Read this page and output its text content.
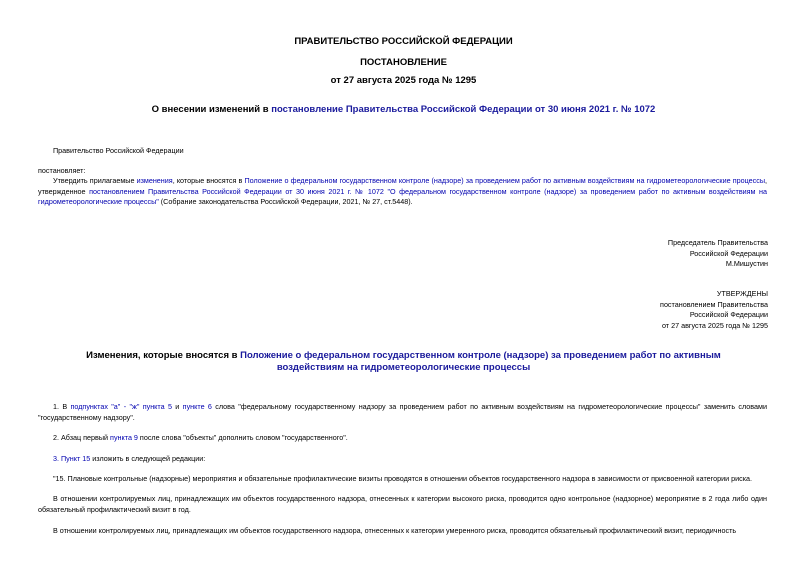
ПРАВИТЕЛЬСТВО РОССИЙСКОЙ ФЕДЕРАЦИИ
ПОСТАНОВЛЕНИЕ
от 27 августа 2025 года № 1295
О внесении изменений в постановление Правительства Российской Федерации от 30 июня 2021 г. № 1072
Правительство Российской Федерации
постановляет:
Утвердить прилагаемые изменения, которые вносятся в Положение о федеральном государственном контроле (надзоре) за проведением работ по активным воздействиям на гидрометеорологические процессы, утвержденное постановлением Правительства Российской Федерации от 30 июня 2021 г. № 1072 "О федеральном государственном контроле (надзоре) за проведением работ по активным воздействиям на гидрометеорологические процессы" (Собрание законодательства Российской Федерации, 2021, № 27, ст.5448).
Председатель Правительства
Российской Федерации
М.Мишустин
УТВЕРЖДЕНЫ
постановлением Правительства
Российской Федерации
от 27 августа 2025 года № 1295
Изменения, которые вносятся в Положение о федеральном государственном контроле (надзоре) за проведением работ по активным воздействиям на гидрометеорологические процессы
1. В подпунктах "а" - "ж" пункта 5 и пункте 6 слова "федеральному государственному надзору за проведением работ по активным воздействиям на гидрометеорологические процессы" заменить словами "государственному надзору".
2. Абзац первый пункта 9 после слова "объекты" дополнить словом "государственного".
3. Пункт 15 изложить в следующей редакции:
"15. Плановые контрольные (надзорные) мероприятия и обязательные профилактические визиты проводятся в отношении объектов государственного надзора в зависимости от присвоенной категории риска.
В отношении контролируемых лиц, принадлежащих им объектов государственного надзора, отнесенных к категории высокого риска, проводится одно контрольное (надзорное) мероприятие в 2 года либо один обязательный профилактический визит в год.
В отношении контролируемых лиц, принадлежащих им объектов государственного надзора, отнесенных к категории умеренного риска, проводится обязательный профилактический визит, периодичность
